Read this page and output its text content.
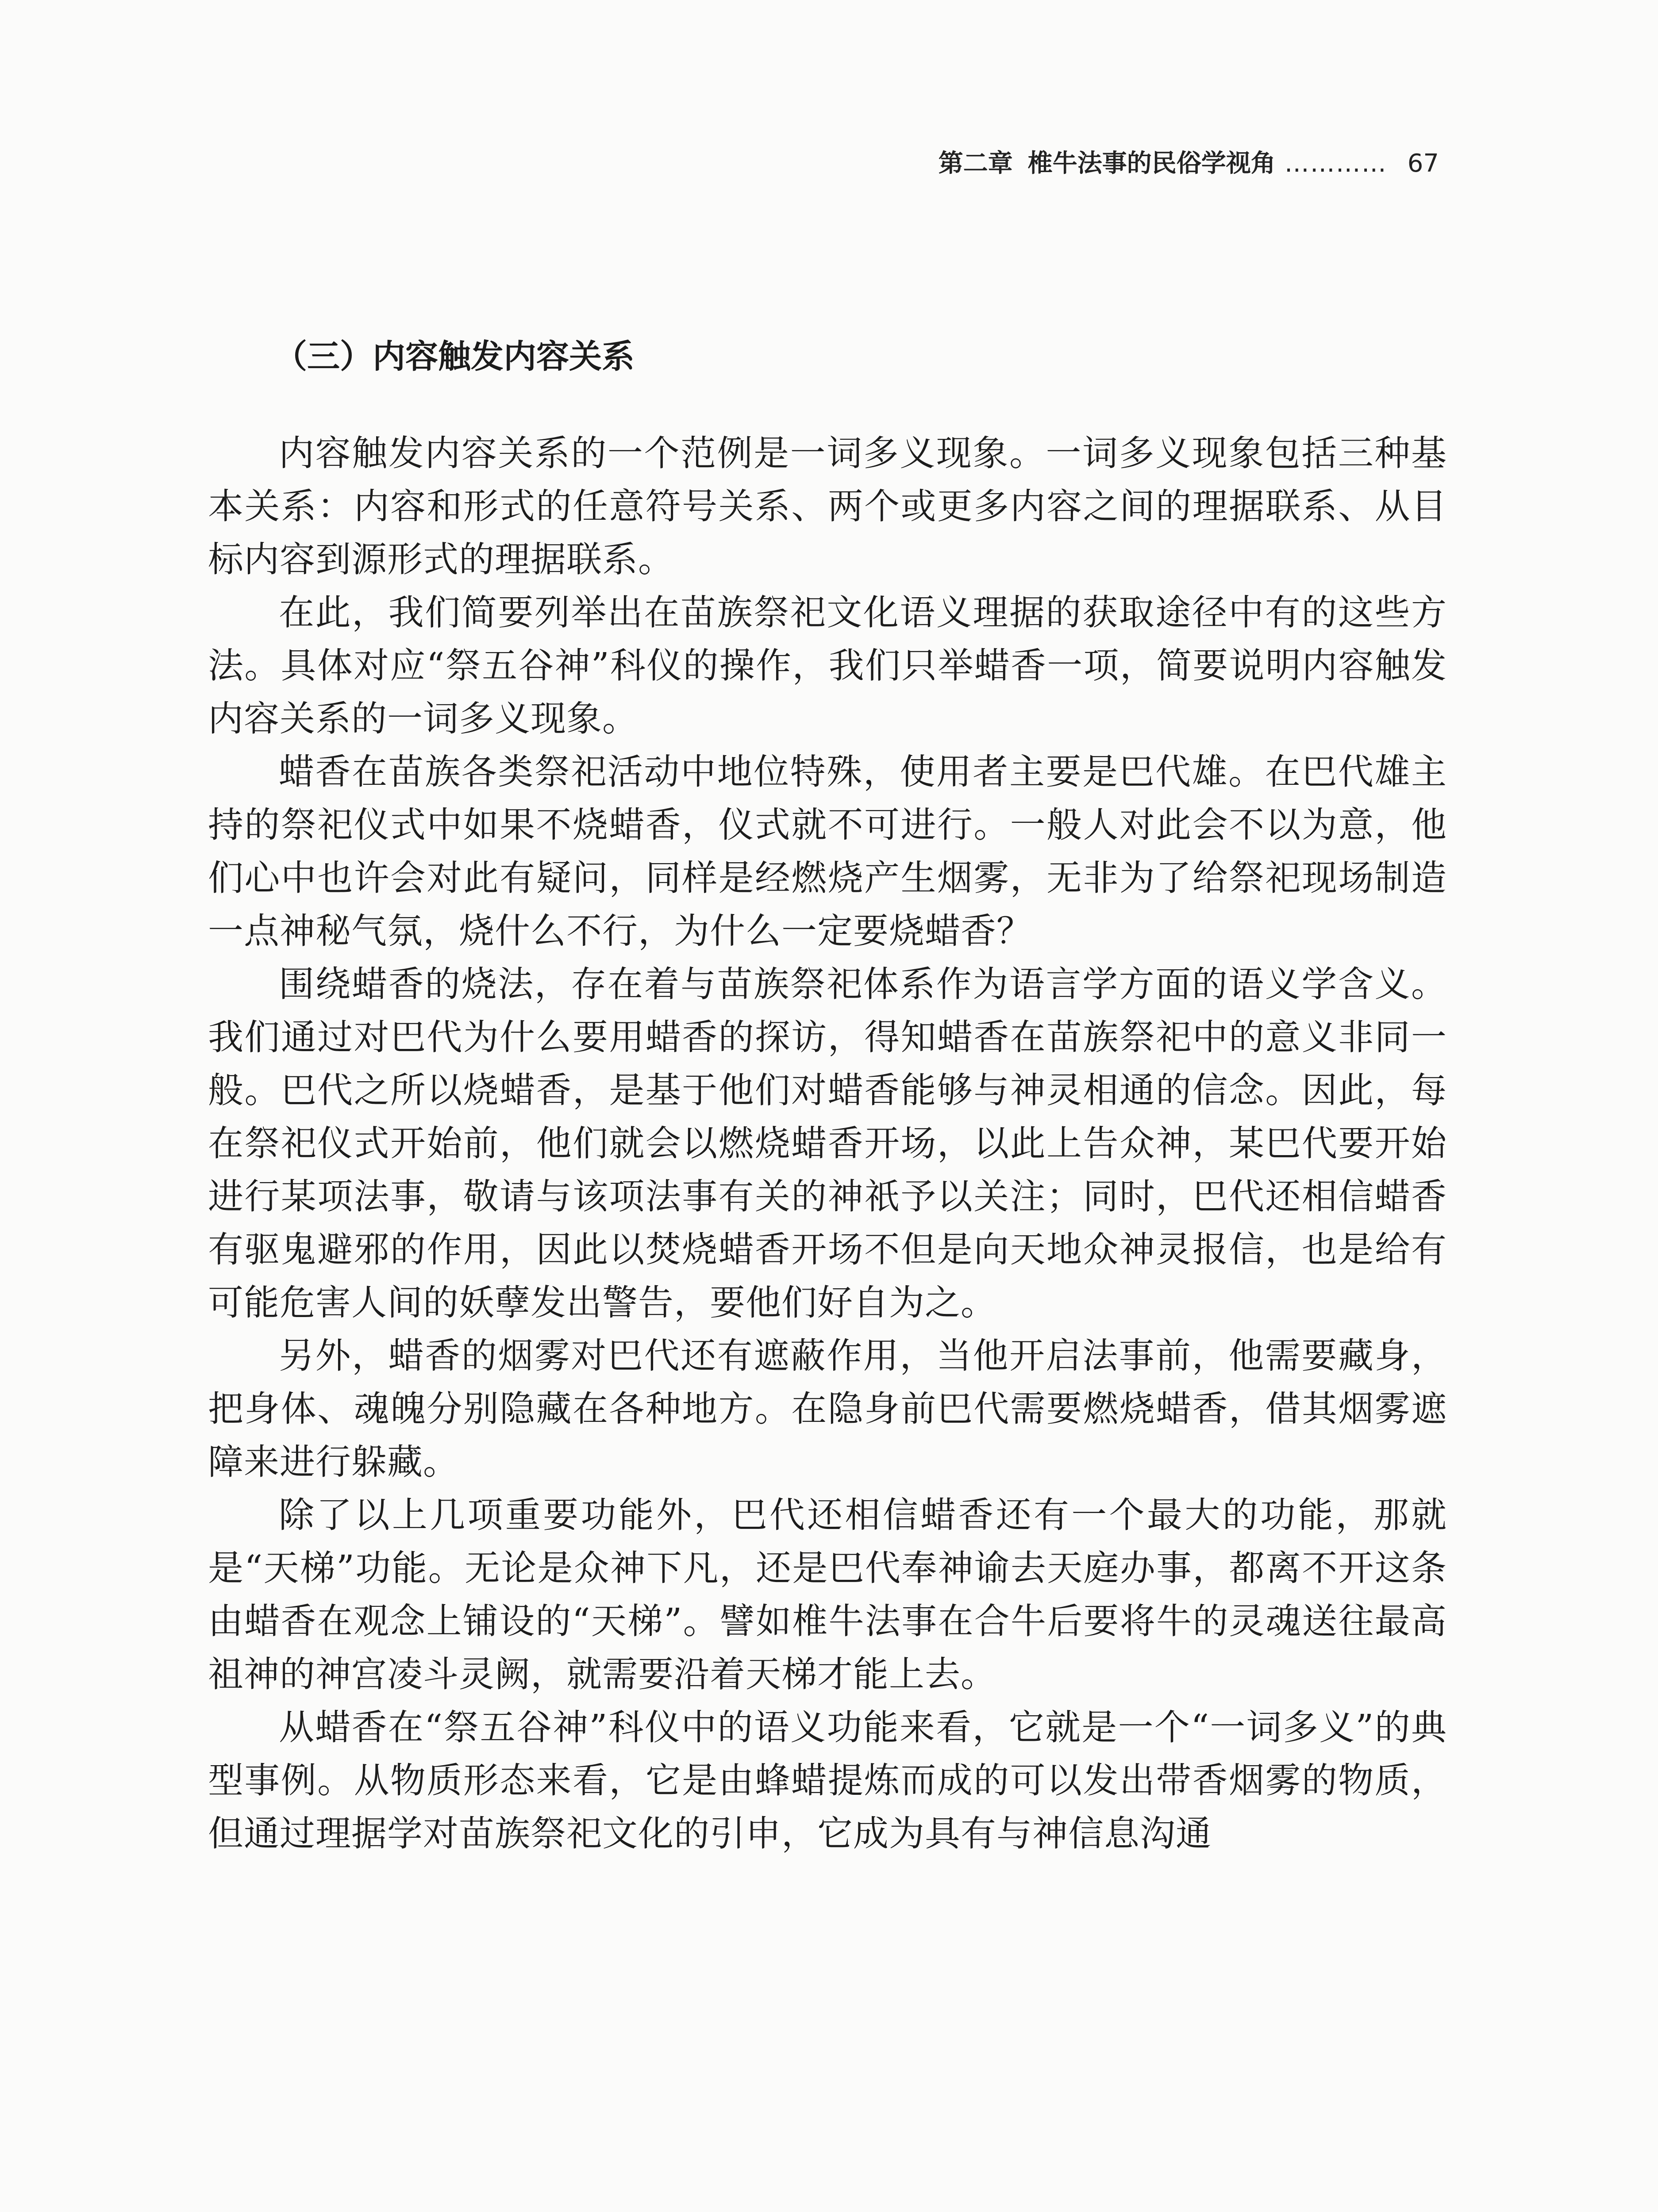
第二章 椎牛法事的民俗学视角 ………… 67
（三）内容触发内容关系

内容触发内容关系的一个范例是一词多义现象。一词多义现象包括三种基本关系：内容和形式的任意符号关系、两个或更多内容之间的理据联系、从目标内容到源形式的理据联系。

在此，我们简要列举出在苗族祭祀文化语义理据的获取途径中有的这些方法。具体对应“祭五谷神”科仪的操作，我们只举蜡香一项，简要说明内容触发内容关系的一词多义现象。

蜡香在苗族各类祭祀活动中地位特殊，使用者主要是巴代雄。在巴代雄主持的祭祀仪式中如果不烧蜡香，仪式就不可进行。一般人对此会不以为意，他们心中也许会对此有疑问，同样是经燃烧产生烟雾，无非为了给祭祀现场制造一点神秘气氛，烧什么不行，为什么一定要烧蜡香？

围绕蜡香的烧法，存在着与苗族祭祀体系作为语言学方面的语义学含义。我们通过对巴代为什么要用蜡香的探访，得知蜡香在苗族祭祀中的意义非同一般。巴代之所以烧蜡香，是基于他们对蜡香能够与神灵相通的信念。因此，每在祭祀仪式开始前，他们就会以燃烧蜡香开场，以此上告众神，某巴代要开始进行某项法事，敬请与该项法事有关的神祇予以关注；同时，巴代还相信蜡香有驱鬼避邪的作用，因此以焚烧蜡香开场不但是向天地众神灵报信，也是给有可能危害人间的妖孽发出警告，要他们好自为之。

另外，蜡香的烟雾对巴代还有遮蔽作用，当他开启法事前，他需要藏身，把身体、魂魄分别隐藏在各种地方。在隐身前巴代需要燃烧蜡香，借其烟雾遮障来进行躲藏。

除了以上几项重要功能外，巴代还相信蜡香还有一个最大的功能，那就是“天梯”功能。无论是众神下凡，还是巴代奉神谕去天庭办事，都离不开这条由蜡香在观念上铺设的“天梯”。譬如椎牛法事在合牛后要将牛的灵魂送往最高祖神的神宫凌斗灵阙，就需要沿着天梯才能上去。

从蜡香在“祭五谷神”科仪中的语义功能来看，它就是一个“一词多义”的典型事例。从物质形态来看，它是由蜂蜡提炼而成的可以发出带香烟雾的物质，但通过理据学对苗族祭祀文化的引申，它成为具有与神信息沟通
